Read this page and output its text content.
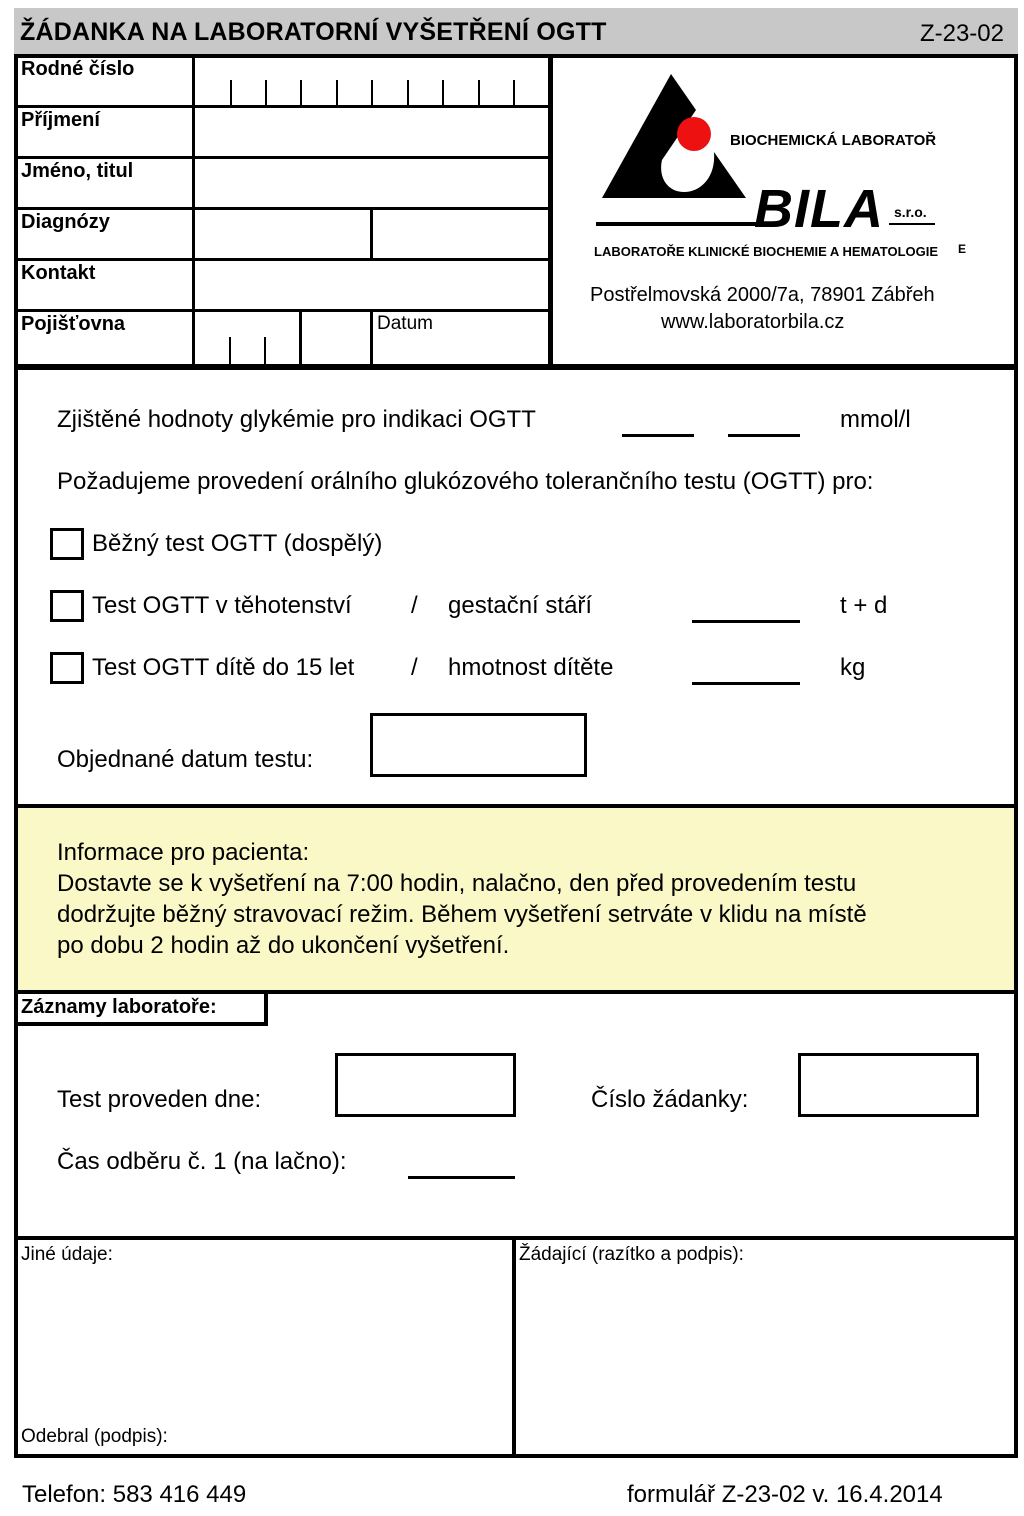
ŽÁDANKA NA LABORATORNÍ VYŠETŘENÍ OGTT	Z-23-02
Rodné číslo
Příjmení
Jméno, titul
Diagnózy
Kontakt
Pojišťovna	Datum
BIOCHEMICKÁ LABORATOŘ
BILA s.r.o.
LABORATOŘE KLINICKÉ BIOCHEMIE A HEMATOLOGIE E
Postřelmovská 2000/7a, 78901 Zábřeh
www.laboratorbila.cz
Zjištěné hodnoty glykémie pro indikaci OGTT	mmol/l
Požadujeme provedení orálního glukózového tolerančního testu (OGTT) pro:
Běžný test OGTT (dospělý)
Test OGTT v těhotenství / gestační stáří	t + d
Test OGTT dítě do 15 let / hmotnost dítěte	kg
Objednané datum testu:
Informace pro pacienta:
Dostavte se k vyšetření na 7:00 hodin, nalačno, den před provedením testu
dodržujte běžný stravovací režim. Během vyšetření setrváte v klidu na místě
po dobu 2 hodin až do ukončení vyšetření.
Záznamy laboratoře:
Test proveden dne:	Číslo žádanky:
Čas odběru č. 1 (na lačno):
Jiné údaje:	Žádající (razítko a podpis):
Odebral (podpis):
Telefon: 583 416 449	formulář Z-23-02 v. 16.4.2014
